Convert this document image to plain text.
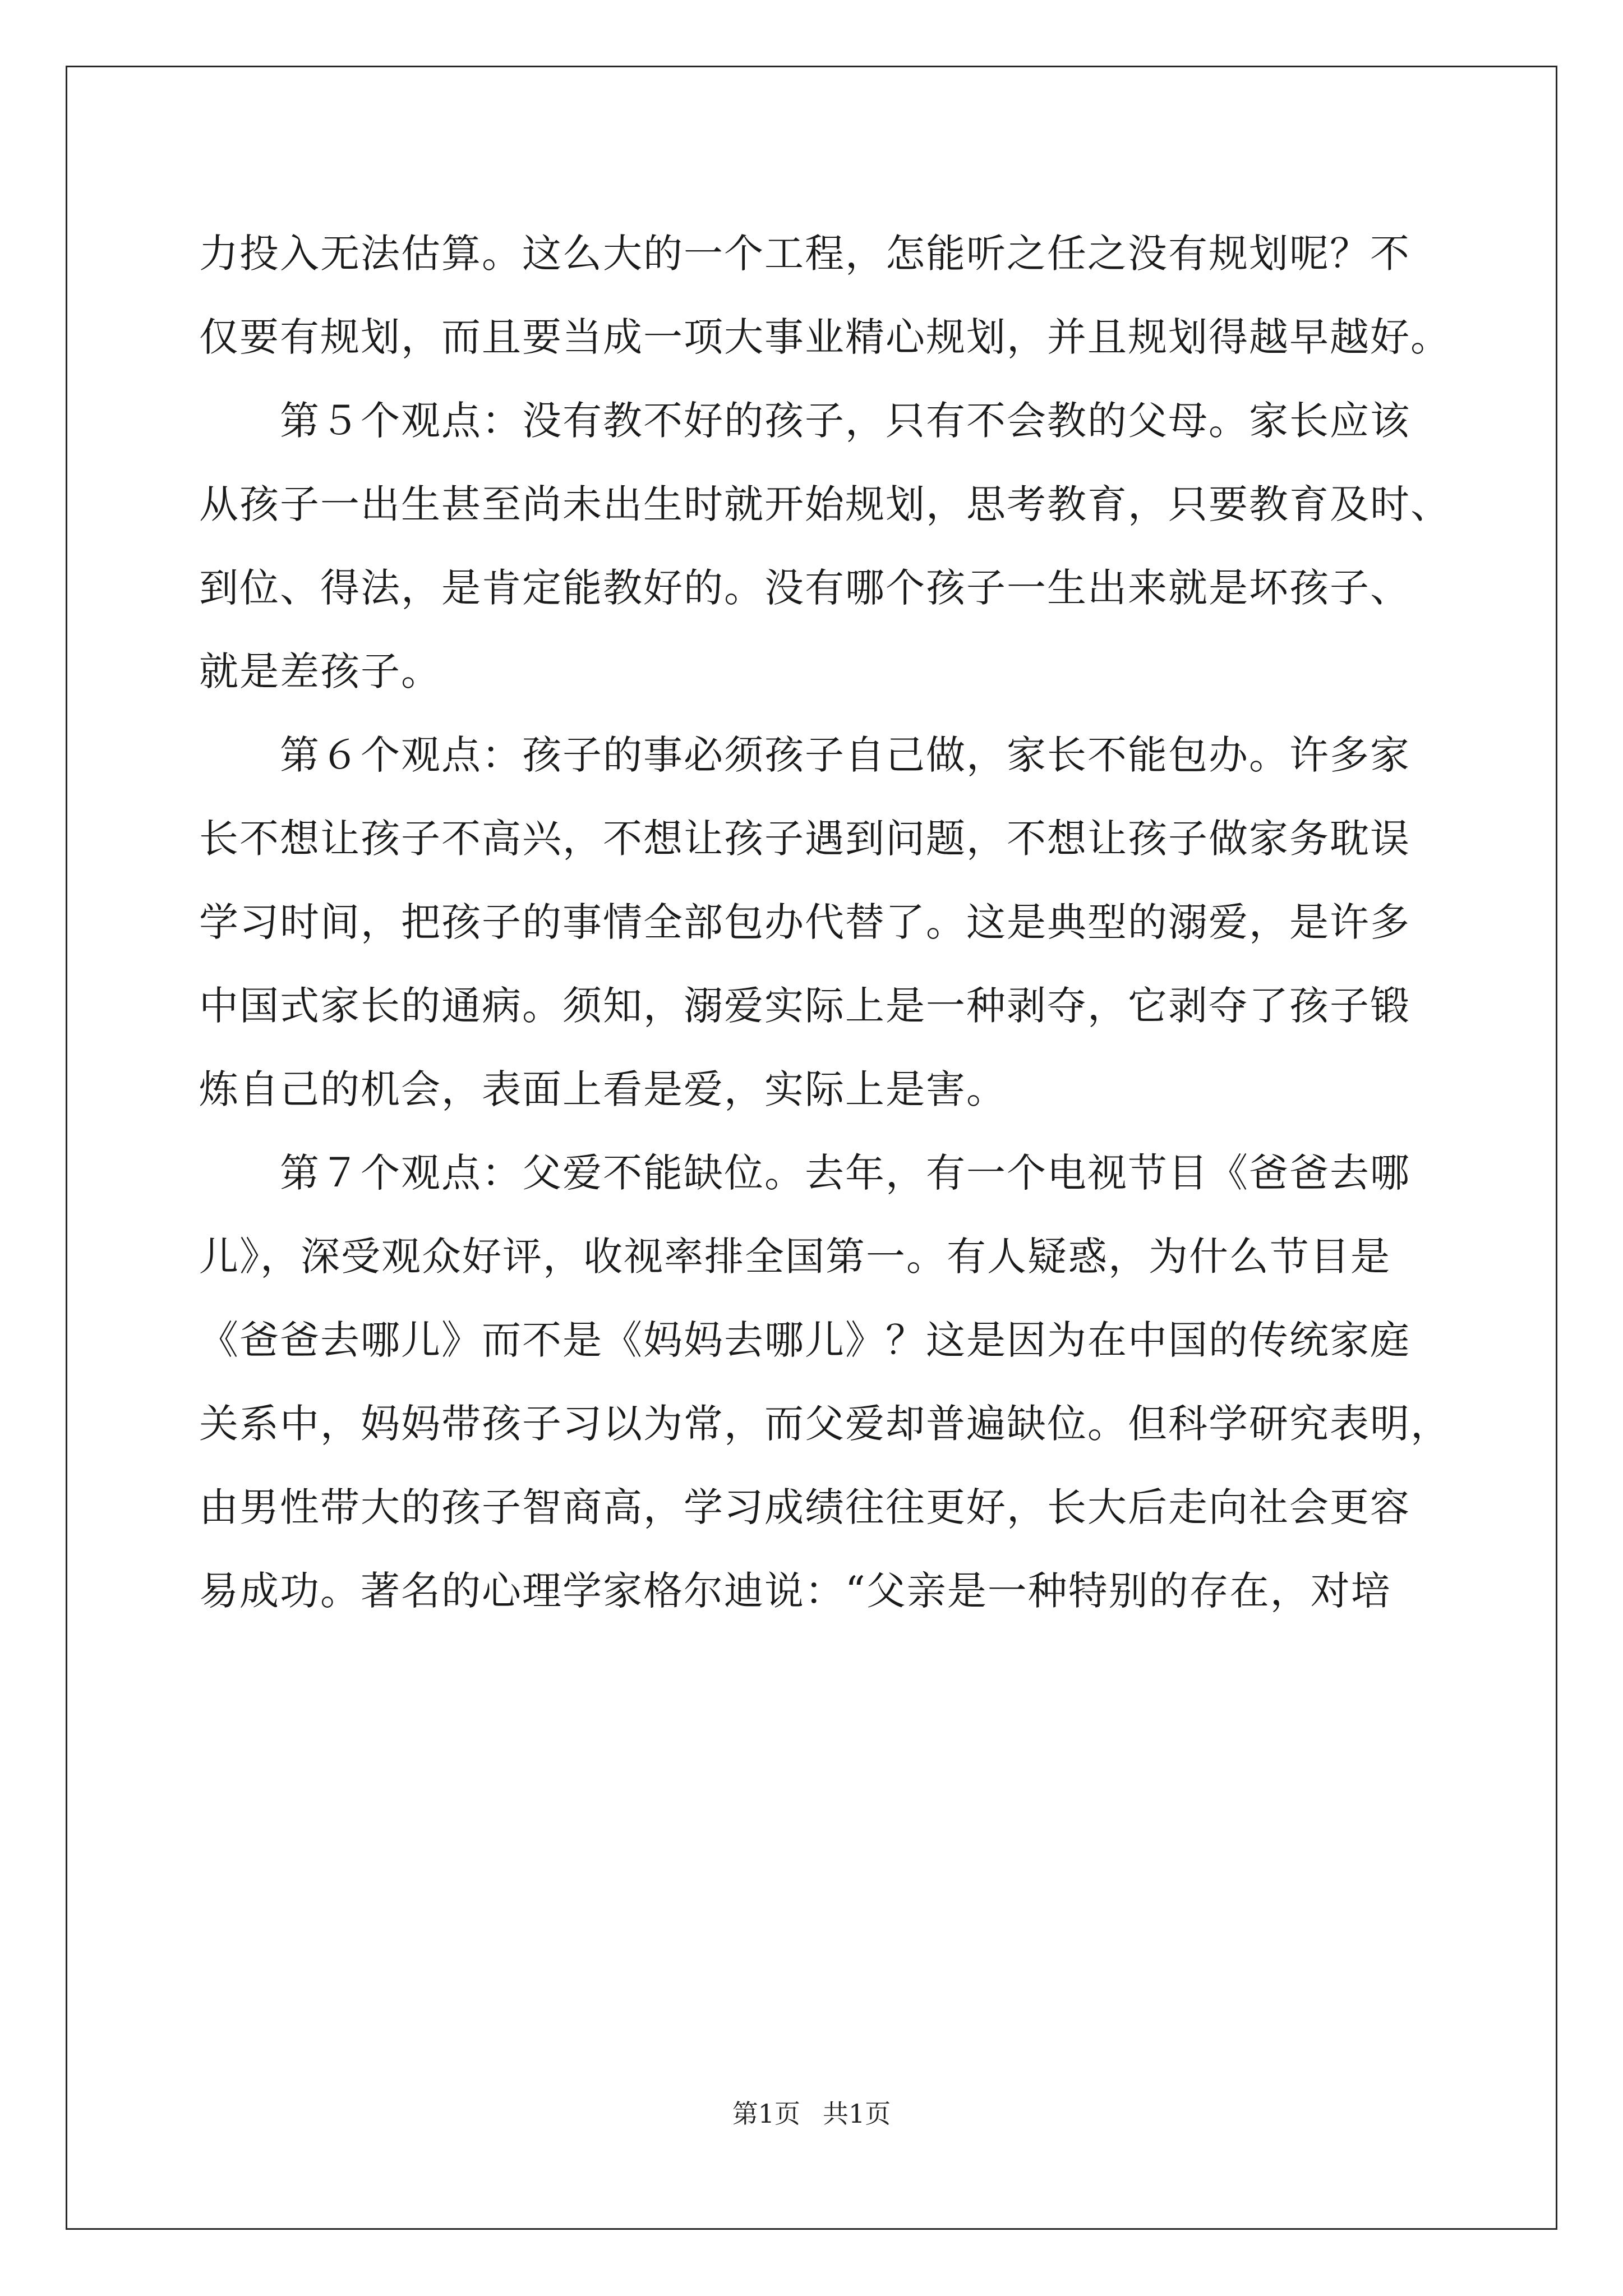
力投入无法估算。这么大的一个工程，怎能听之任之没有规划呢？不
仅要有规划，而且要当成一项大事业精心规划，并且规划得越早越好。
　　第５个观点：没有教不好的孩子，只有不会教的父母。家长应该
从孩子一出生甚至尚未出生时就开始规划，思考教育，只要教育及时、
到位、得法，是肯定能教好的。没有哪个孩子一生出来就是坏孩子、
就是差孩子。
　　第６个观点：孩子的事必须孩子自己做，家长不能包办。许多家
长不想让孩子不高兴，不想让孩子遇到问题，不想让孩子做家务耽误
学习时间，把孩子的事情全部包办代替了。这是典型的溺爱，是许多
中国式家长的通病。须知，溺爱实际上是一种剥夺，它剥夺了孩子锻
炼自己的机会，表面上看是爱，实际上是害。
　　第７个观点：父爱不能缺位。去年，有一个电视节目《爸爸去哪
儿》，深受观众好评，收视率排全国第一。有人疑惑，为什么节目是
《爸爸去哪儿》而不是《妈妈去哪儿》？这是因为在中国的传统家庭
关系中，妈妈带孩子习以为常，而父爱却普遍缺位。但科学研究表明，
由男性带大的孩子智商高，学习成绩往往更好，长大后走向社会更容
易成功。著名的心理学家格尔迪说：“父亲是一种特别的存在，对培
第1页 共1页
